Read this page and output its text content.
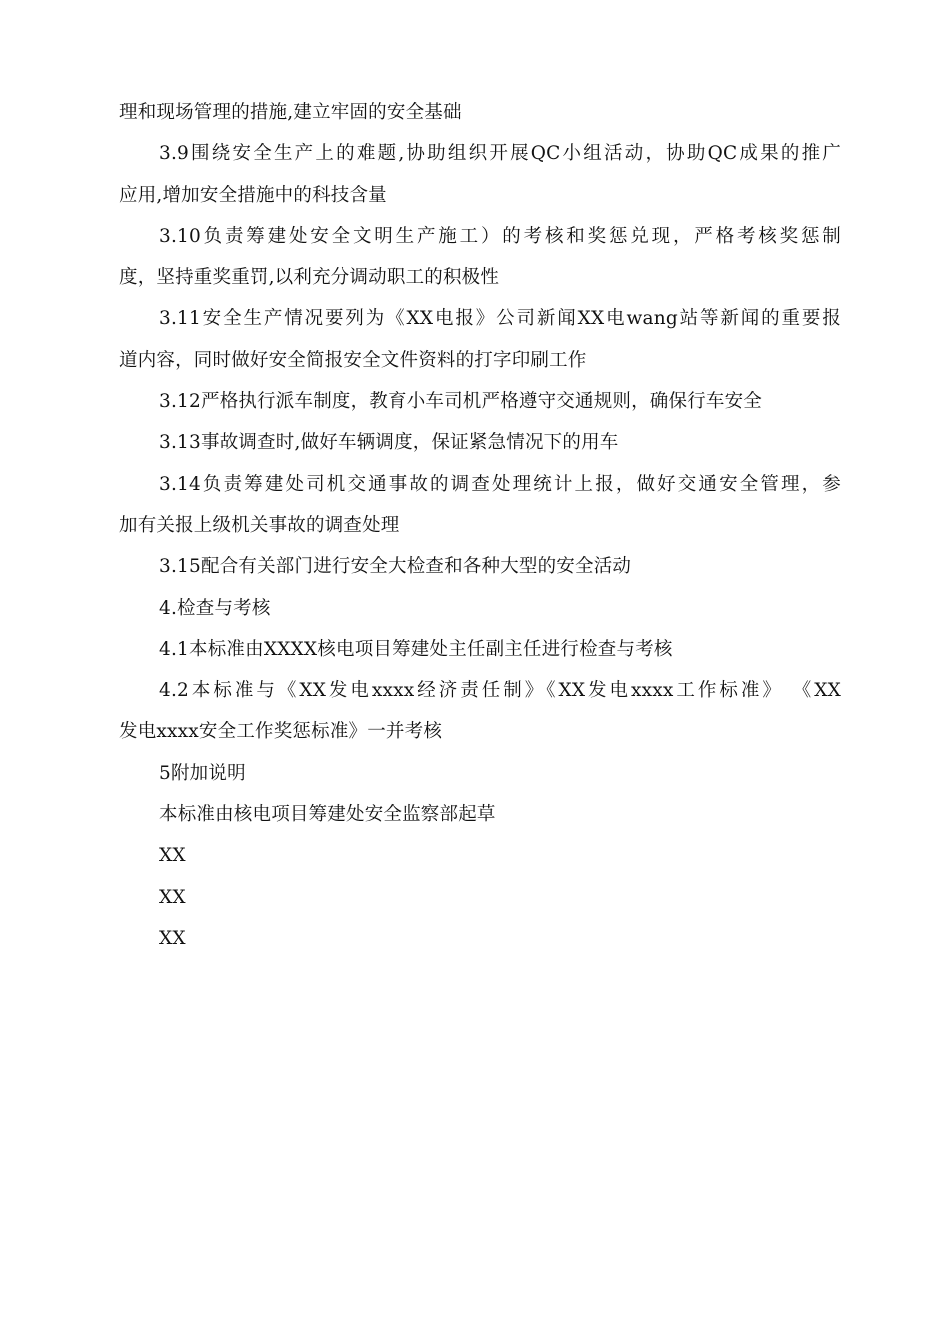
理和现场管理的措施,建立牢固的安全基础
3.9围绕安全生产上的难题,协助组织开展QC小组活动，协助QC成果的推广
应用,增加安全措施中的科技含量
3.10负责筹建处安全文明生产施工）的考核和奖惩兑现，严格考核奖惩制
度，坚持重奖重罚,以利充分调动职工的积极性
3.11安全生产情况要列为《XX电报》公司新闻XX电wang站等新闻的重要报
道内容，同时做好安全简报安全文件资料的打字印刷工作
3.12严格执行派车制度，教育小车司机严格遵守交通规则，确保行车安全
3.13事故调查时,做好车辆调度，保证紧急情况下的用车
3.14负责筹建处司机交通事故的调查处理统计上报，做好交通安全管理，参
加有关报上级机关事故的调查处理
3.15配合有关部门进行安全大检查和各种大型的安全活动
4.检查与考核
4.1本标准由XXXX核电项目筹建处主任副主任进行检查与考核
4.2本标准与《XX发电xxxx经济责任制》《XX发电xxxx工作标准》 《XX
发电xxxx安全工作奖惩标准》一并考核
5附加说明
本标准由核电项目筹建处安全监察部起草
XX
XX
XX
